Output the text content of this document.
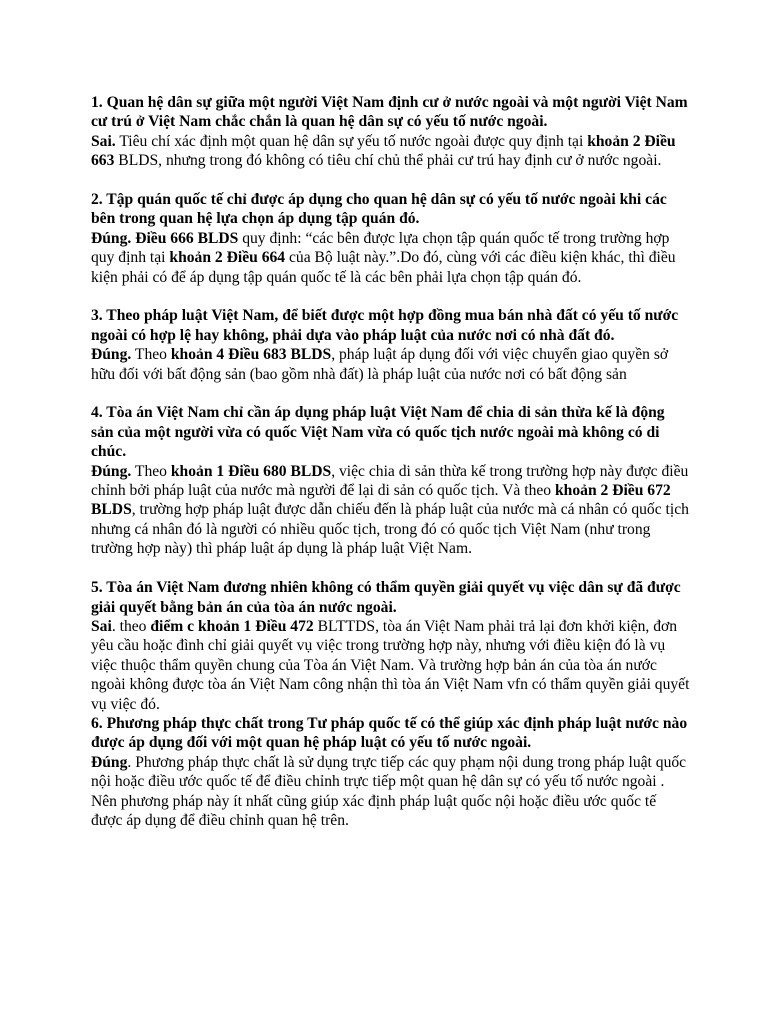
1. Quan hệ dân sự giữa một người Việt Nam định cư ở nước ngoài và một người Việt Nam cư trú ở Việt Nam chắc chắn là quan hệ dân sự có yếu tố nước ngoài.

Sai. Tiêu chí xác định một quan hệ dân sự yếu tố nước ngoài được quy định tại khoản 2 Điều 663 BLDS, nhưng trong đó không có tiêu chí chủ thể phải cư trú hay định cư ở nước ngoài.

2. Tập quán quốc tế chỉ được áp dụng cho quan hệ dân sự có yếu tố nước ngoài khi các bên trong quan hệ lựa chọn áp dụng tập quán đó.

Đúng. Điều 666 BLDS quy định: “các bên được lựa chọn tập quán quốc tế trong trường hợp quy định tại khoản 2 Điều 664 của Bộ luật này.”.Do đó, cùng với các điều kiện khác, thì điều kiện phải có để áp dụng tập quán quốc tế là các bên phải lựa chọn tập quán đó.

3. Theo pháp luật Việt Nam, để biết được một hợp đồng mua bán nhà đất có yếu tố nước ngoài có hợp lệ hay không, phải dựa vào pháp luật của nước nơi có nhà đất đó.

Đúng. Theo khoản 4 Điều 683 BLDS, pháp luật áp dụng đối với việc chuyển giao quyền sở hữu đối với bất động sản (bao gồm nhà đất) là pháp luật của nước nơi có bất động sản

4. Tòa án Việt Nam chỉ cần áp dụng pháp luật Việt Nam để chia di sản thừa kế là động sản của một người vừa có quốc Việt Nam vừa có quốc tịch nước ngoài mà không có di chúc.

Đúng. Theo khoản 1 Điều 680 BLDS, việc chia di sản thừa kế trong trường hợp này được điều chỉnh bởi pháp luật của nước mà người để lại di sản có quốc tịch. Và theo khoản 2 Điều 672 BLDS, trường hợp pháp luật được dẫn chiếu đến là pháp luật của nước mà cá nhân có quốc tịch nhưng cá nhân đó là người có nhiều quốc tịch, trong đó có quốc tịch Việt Nam (như trong trường hợp này) thì pháp luật áp dụng là pháp luật Việt Nam.

5. Tòa án Việt Nam đương nhiên không có thẩm quyền giải quyết vụ việc dân sự đã được giải quyết bằng bản án của tòa án nước ngoài.

Sai. theo điểm c khoản 1 Điều 472 BLTTDS, tòa án Việt Nam phải trả lại đơn khởi kiện, đơn yêu cầu hoặc đình chỉ giải quyết vụ việc trong trường hợp này, nhưng với điều kiện đó là vụ việc thuộc thẩm quyền chung của Tòa án Việt Nam. Và trường hợp bản án của tòa án nước ngoài không được tòa án Việt Nam công nhận thì tòa án Việt Nam vfn có thẩm quyền giải quyết vụ việc đó.

6. Phương pháp thực chất trong Tư pháp quốc tế có thể giúp xác định pháp luật nước nào được áp dụng đối với một quan hệ pháp luật có yếu tố nước ngoài.

Đúng. Phương pháp thực chất là sử dụng trực tiếp các quy phạm nội dung trong pháp luật quốc nội hoặc điều ước quốc tế để điều chỉnh trực tiếp một quan hệ dân sự có yếu tố nước ngoài . Nên phương pháp này ít nhất cũng giúp xác định pháp luật quốc nội hoặc điều ước quốc tế được áp dụng để điều chỉnh quan hệ trên.
